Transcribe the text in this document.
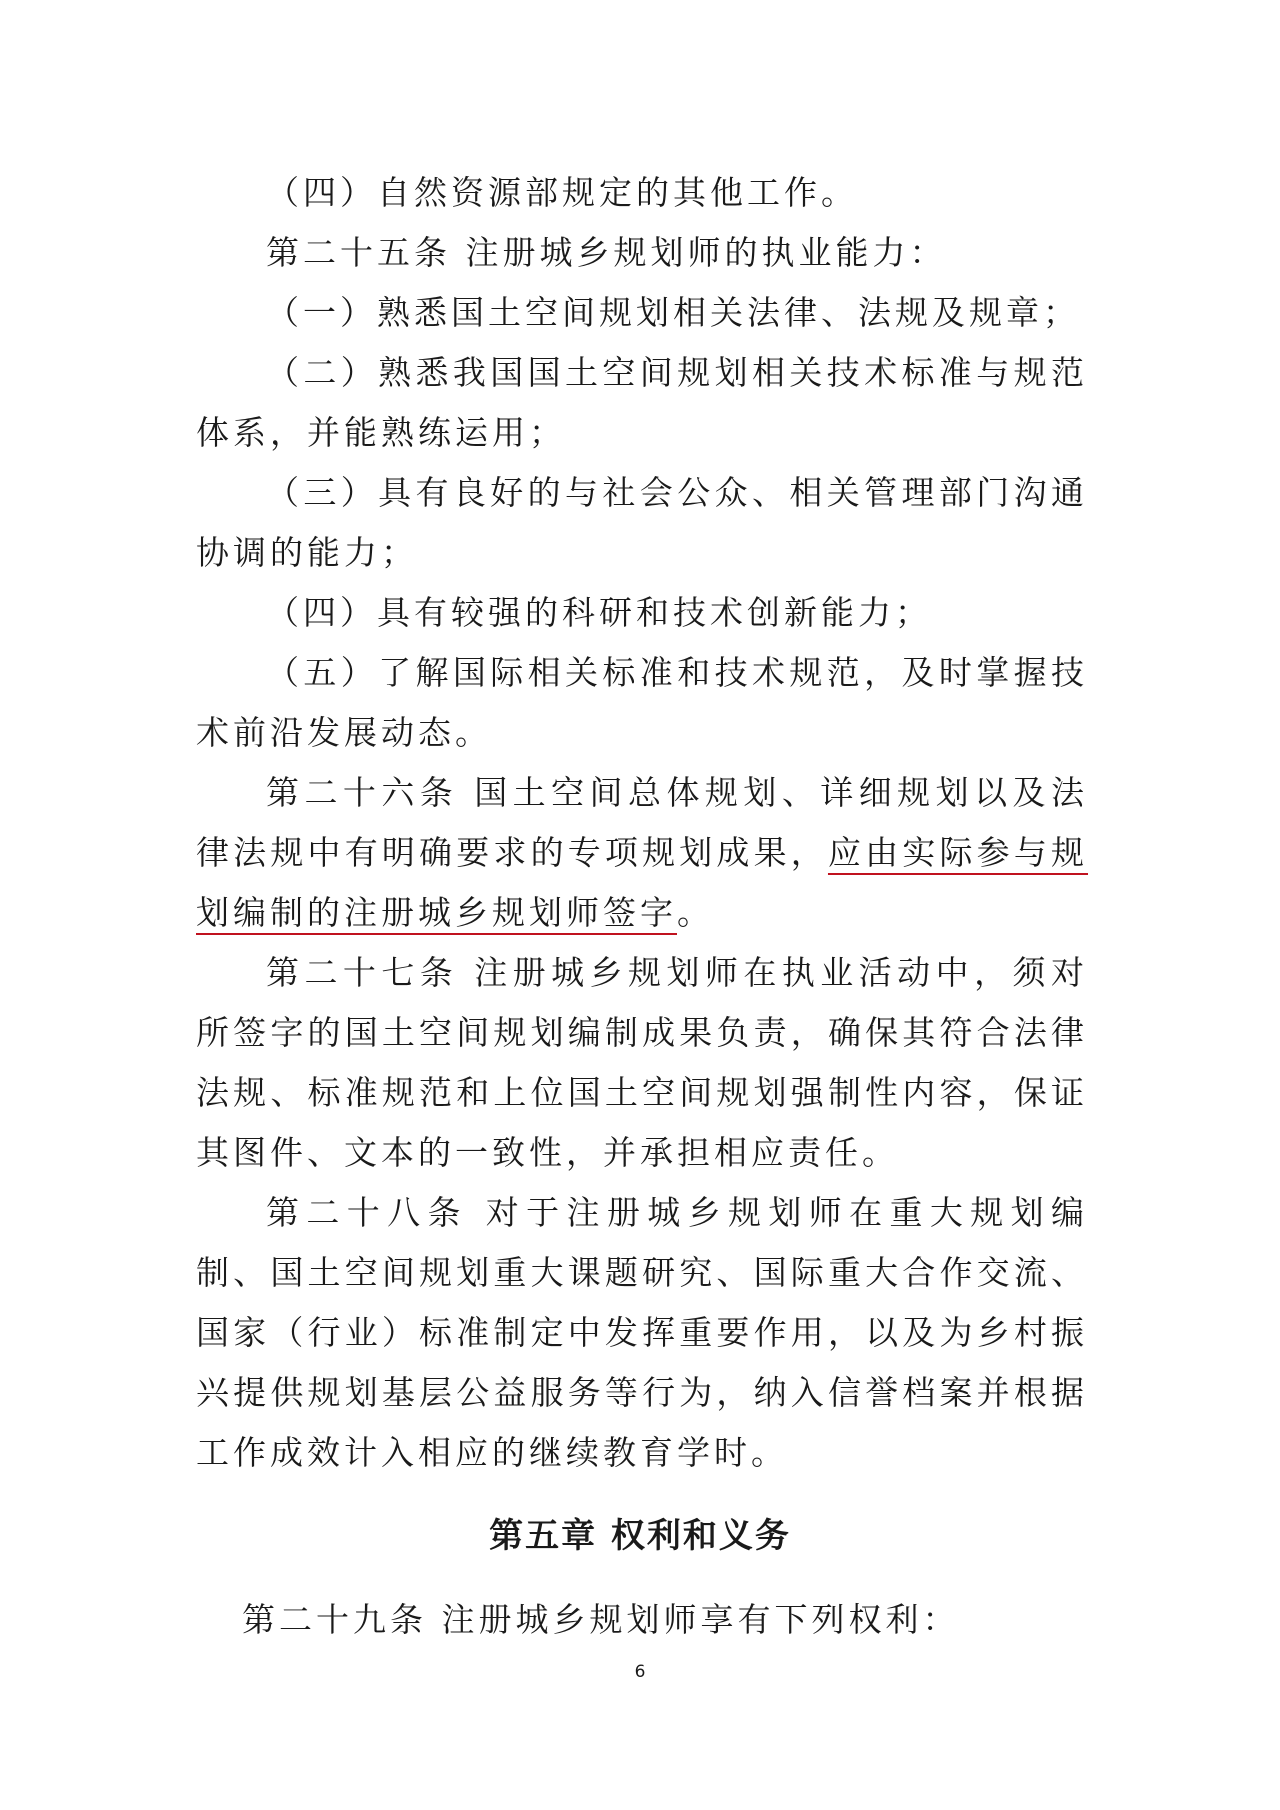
（四）自然资源部规定的其他工作。

第二十五条 注册城乡规划师的执业能力：

（一）熟悉国土空间规划相关法律、法规及规章；

（二）熟悉我国国土空间规划相关技术标准与规范体系，并能熟练运用；

（三）具有良好的与社会公众、相关管理部门沟通协调的能力；

（四）具有较强的科研和技术创新能力；

（五）了解国际相关标准和技术规范，及时掌握技术前沿发展动态。

第二十六条 国土空间总体规划、详细规划以及法律法规中有明确要求的专项规划成果，应由实际参与规划编制的注册城乡规划师签字。

第二十七条 注册城乡规划师在执业活动中，须对所签字的国土空间规划编制成果负责，确保其符合法律法规、标准规范和上位国土空间规划强制性内容，保证其图件、文本的一致性，并承担相应责任。

第二十八条 对于注册城乡规划师在重大规划编制、国土空间规划重大课题研究、国际重大合作交流、国家（行业）标准制定中发挥重要作用，以及为乡村振兴提供规划基层公益服务等行为，纳入信誉档案并根据工作成效计入相应的继续教育学时。

第五章 权利和义务

第二十九条 注册城乡规划师享有下列权利：

6
